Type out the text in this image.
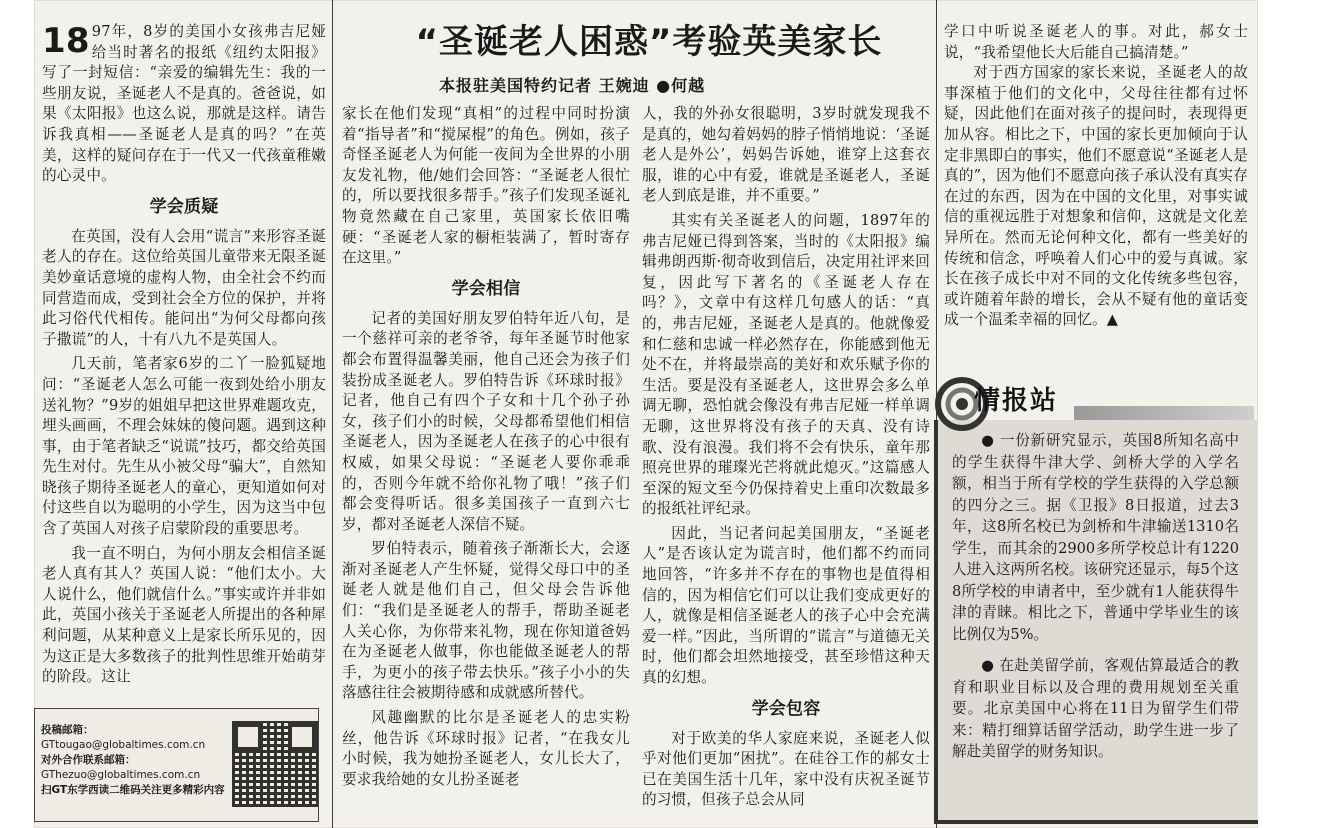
18 97年，8岁的美国小女孩弗吉尼娅给当时著名的报纸《纽约太阳报》写了一封短信：“亲爱的编辑先生：我的一些朋友说，圣诞老人不是真的。爸爸说，如果《太阳报》也这么说，那就是这样。请告诉我真相——圣诞老人是真的吗？”在英美，这样的疑问存在于一代又一代孩童稚嫩的心灵中。

学会质疑

在英国，没有人会用“谎言”来形容圣诞老人的存在。这位给英国儿童带来无限圣诞美妙童话意境的虚构人物，由全社会不约而同营造而成，受到社会全方位的保护，并将此习俗代代相传。能问出“为何父母都向孩子撒谎”的人，十有八九不是英国人。

几天前，笔者家6岁的二丫一脸狐疑地问：“圣诞老人怎么可能一夜到处给小朋友送礼物？”9岁的姐姐早把这世界难题攻克，埋头画画，不理会妹妹的傻问题。遇到这种事，由于笔者缺乏“说谎”技巧，都交给英国先生对付。先生从小被父母“骗大”，自然知晓孩子期待圣诞老人的童心，更知道如何对付这些自以为聪明的小学生，因为这当中包含了英国人对孩子启蒙阶段的重要思考。

我一直不明白，为何小朋友会相信圣诞老人真有其人？英国人说：“他们太小。大人说什么，他们就信什么。”事实或许并非如此，英国小孩关于圣诞老人所提出的各种犀利问题，从某种意义上是家长所乐见的，因为这正是大多数孩子的批判性思维开始萌芽的阶段。这让

投稿邮箱：
GTtougao@globaltimes.com.cn
对外合作联系邮箱：
GThezuo@globaltimes.com.cn
扫GT东学西读二维码关注更多精彩内容
“圣诞老人困惑”考验英美家长
本报驻美国特约记者 王婉迪 ●何越

家长在他们发现“真相”的过程中同时扮演着“指导者”和“搅屎棍”的角色。例如，孩子奇怪圣诞老人为何能一夜间为全世界的小朋友发礼物，他/她们会回答：“圣诞老人很忙的，所以要找很多帮手。”孩子们发现圣诞礼物竟然藏在自己家里，英国家长依旧嘴硬：“圣诞老人家的橱柜装满了，暂时寄存在这里。”

学会相信

记者的美国好朋友罗伯特年近八旬，是一个慈祥可亲的老爷爷，每年圣诞节时他家都会布置得温馨美丽，他自己还会为孩子们装扮成圣诞老人。罗伯特告诉《环球时报》记者，他自己有四个子女和十几个孙子孙女，孩子们小的时候，父母都希望他们相信圣诞老人，因为圣诞老人在孩子的心中很有权威，如果父母说：“圣诞老人要你乖乖的，否则今年就不给你礼物了哦！”孩子们都会变得听话。很多美国孩子一直到六七岁，都对圣诞老人深信不疑。

罗伯特表示，随着孩子渐渐长大，会逐渐对圣诞老人产生怀疑，觉得父母口中的圣诞老人就是他们自己，但父母会告诉他们：“我们是圣诞老人的帮手，帮助圣诞老人关心你，为你带来礼物，现在你知道爸妈在为圣诞老人做事，你也能做圣诞老人的帮手，为更小的孩子带去快乐。”孩子小小的失落感往往会被期待感和成就感所替代。

风趣幽默的比尔是圣诞老人的忠实粉丝，他告诉《环球时报》记者，“在我女儿小时候，我为她扮圣诞老人，女儿长大了，要求我给她的女儿扮圣诞老

人，我的外孙女很聪明，3岁时就发现我不是真的，她勾着妈妈的脖子悄悄地说：‘圣诞老人是外公’，妈妈告诉她，谁穿上这套衣服，谁的心中有爱，谁就是圣诞老人，圣诞老人到底是谁，并不重要。”

其实有关圣诞老人的问题，1897年的弗吉尼娅已得到答案，当时的《太阳报》编辑弗朗西斯·彻奇收到信后，决定用社评来回复，因此写下著名的《圣诞老人存在吗？》，文章中有这样几句感人的话：“真的，弗吉尼娅，圣诞老人是真的。他就像爱和仁慈和忠诚一样必然存在，你能感到他无处不在，并将最崇高的美好和欢乐赋予你的生活。要是没有圣诞老人，这世界会多么单调无聊，恐怕就会像没有弗吉尼娅一样单调无聊，这世界将没有孩子的天真、没有诗歌、没有浪漫。我们将不会有快乐，童年那照亮世界的璀璨光芒将就此熄灭。”这篇感人至深的短文至今仍保持着史上重印次数最多的报纸社评纪录。

因此，当记者问起美国朋友，“圣诞老人”是否该认定为谎言时，他们都不约而同地回答，“许多并不存在的事物也是值得相信的，因为相信它们可以让我们变成更好的人，就像是相信圣诞老人的孩子心中会充满爱一样。”因此，当所谓的“谎言”与道德无关时，他们都会坦然地接受，甚至珍惜这种天真的幻想。

学会包容

对于欧美的华人家庭来说，圣诞老人似乎对他们更加“困扰”。在硅谷工作的郝女士已在美国生活十几年，家中没有庆祝圣诞节的习惯，但孩子总会从同

学口中听说圣诞老人的事。对此，郝女士说，“我希望他长大后能自己搞清楚。”

对于西方国家的家长来说，圣诞老人的故事深植于他们的文化中，父母往往都有过怀疑，因此他们在面对孩子的提问时，表现得更加从容。相比之下，中国的家长更加倾向于认定非黑即白的事实，他们不愿意说“圣诞老人是真的”，因为他们不愿意向孩子承认没有真实存在过的东西，因为在中国的文化里，对事实诚信的重视远胜于对想象和信仰，这就是文化差异所在。然而无论何种文化，都有一些美好的传统和信念，呼唤着人们心中的爱与真诚。家长在孩子成长中对不同的文化传统多些包容，或许随着年龄的增长，会从不疑有他的童话变成一个温柔幸福的回忆。▲

情报站

● 一份新研究显示，英国8所知名高中的学生获得牛津大学、剑桥大学的入学名额，相当于所有学校的学生获得的入学总额的四分之三。据《卫报》8日报道，过去3年，这8所名校已为剑桥和牛津输送1310名学生，而其余的2900多所学校总计有1220人进入这两所名校。该研究还显示，每5个这8所学校的申请者中，至少就有1人能获得牛津的青睐。相比之下，普通中学毕业生的该比例仅为5%。

● 在赴美留学前，客观估算最适合的教育和职业目标以及合理的费用规划至关重要。北京美国中心将在11日为留学生们带来：精打细算话留学活动，助学生进一步了解赴美留学的财务知识。
